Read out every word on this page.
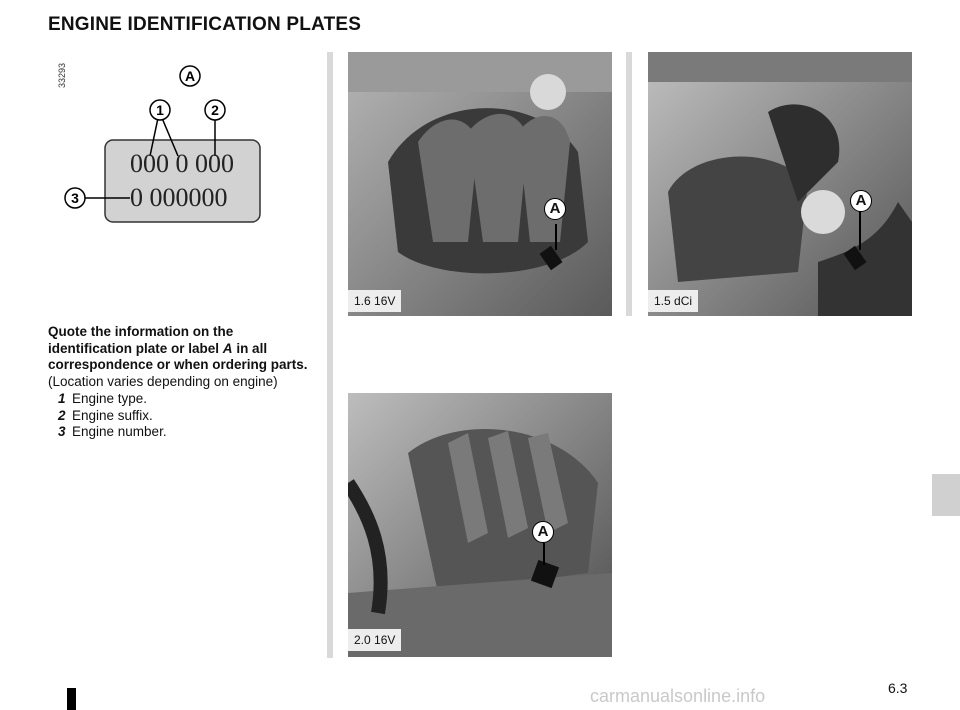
ENGINE IDENTIFICATION PLATES
33293	A
1	2
3
000 0 000
0 000000
Quote the information on the identification plate or label A in all correspondence or when ordering parts.
(Location varies depending on engine)
1 Engine type.
2 Engine suffix.
3 Engine number.
A
1.6 16V
A
1.5 dCi
A
2.0 16V
6.3
carmanualsonline.info
